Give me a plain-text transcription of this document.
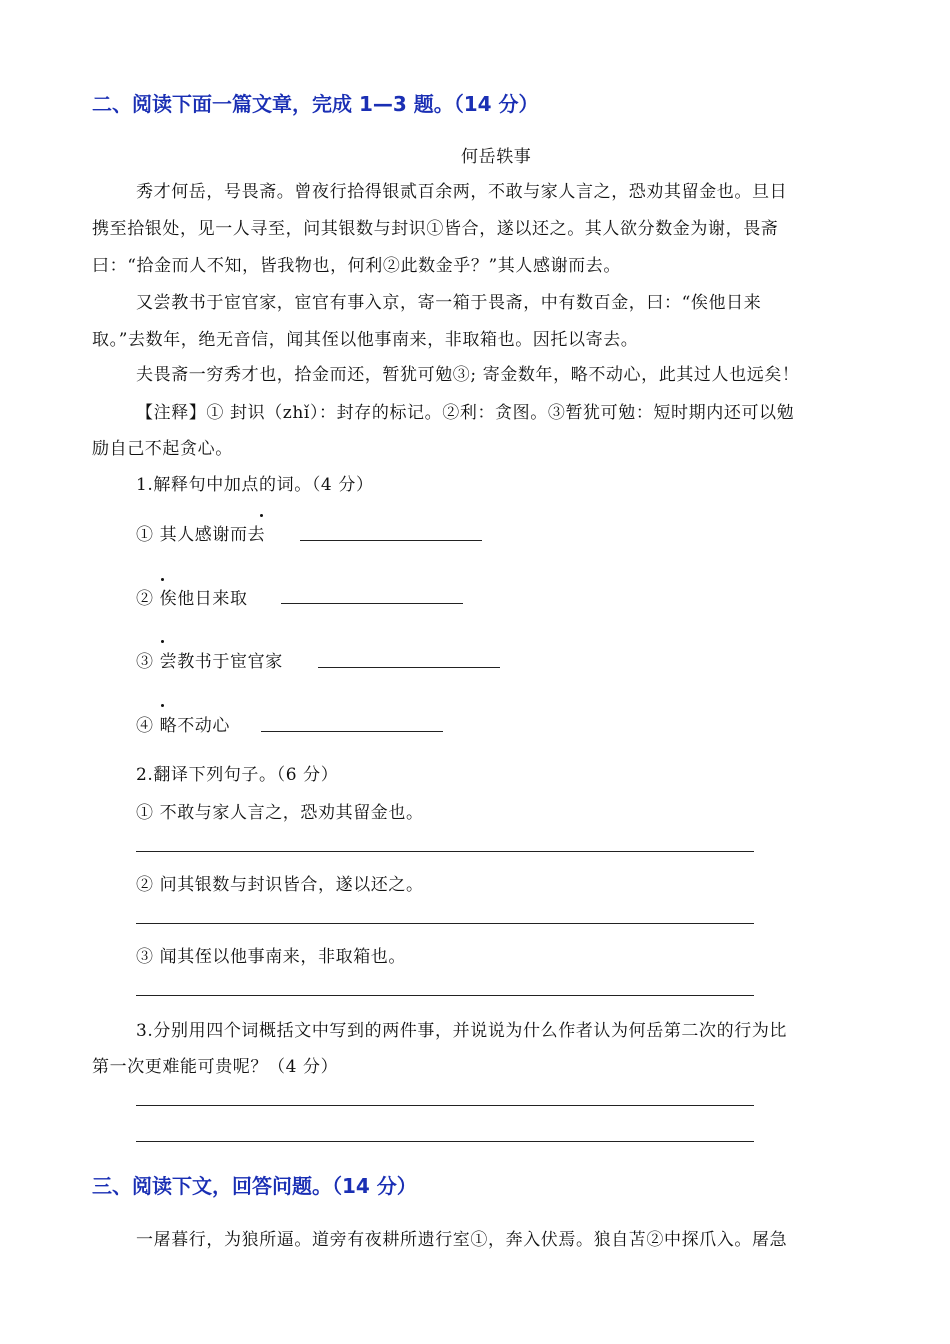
二、阅读下面一篇文章，完成 1—3 题。（14 分）
何岳轶事
秀才何岳，号畏斋。曾夜行拾得银贰百余两，不敢与家人言之，恐劝其留金也。旦日
携至拾银处，见一人寻至，问其银数与封识①皆合，遂以还之。其人欲分数金为谢，畏斋
曰：“拾金而人不知，皆我物也，何利②此数金乎？”其人感谢而去。
又尝教书于宦官家，宦官有事入京，寄一箱于畏斋，中有数百金，曰：“俟他日来
取。”去数年，绝无音信，闻其侄以他事南来，非取箱也。因托以寄去。
夫畏斋一穷秀才也，拾金而还，暂犹可勉③; 寄金数年，略不动心，此其过人也远矣！
【注释】① 封识（zhǐ）：封存的标记。②利：贪图。③暂犹可勉：短时期内还可以勉
励自己不起贪心。
1.解释句中加点的词。（4 分）
① 其人感谢而去
② 俟他日来取
③ 尝教书于宦官家
④ 略不动心
2.翻译下列句子。（6 分）
① 不敢与家人言之，恐劝其留金也。
② 问其银数与封识皆合，遂以还之。
③ 闻其侄以他事南来，非取箱也。
3.分别用四个词概括文中写到的两件事，并说说为什么作者认为何岳第二次的行为比
第一次更难能可贵呢？（4 分）
三、阅读下文，回答问题。（14 分）
一屠暮行，为狼所逼。道旁有夜耕所遗行室①，奔入伏焉。狼自苫②中探爪入。屠急
